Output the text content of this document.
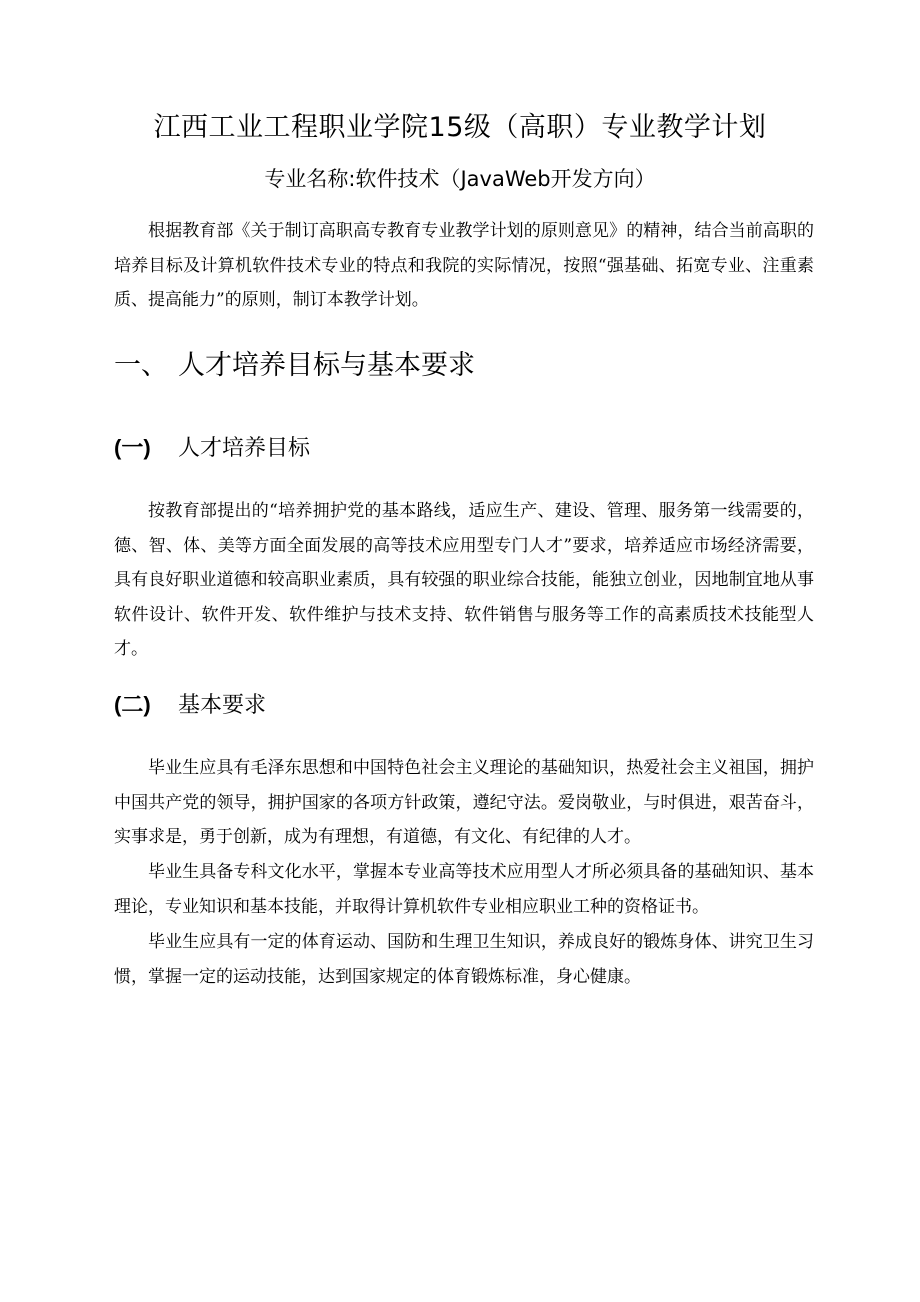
江西工业工程职业学院15级（高职）专业教学计划
专业名称:软件技术（JavaWeb开发方向）

根据教育部《关于制订高职高专教育专业教学计划的原则意见》的精神，结合当前高职的培养目标及计算机软件技术专业的特点和我院的实际情况，按照“强基础、拓宽专业、注重素质、提高能力”的原则，制订本教学计划。

一、 人才培养目标与基本要求
(一) 人才培养目标

按教育部提出的“培养拥护党的基本路线，适应生产、建设、管理、服务第一线需要的，德、智、体、美等方面全面发展的高等技术应用型专门人才”要求，培养适应市场经济需要，具有良好职业道德和较高职业素质，具有较强的职业综合技能，能独立创业，因地制宜地从事软件设计、软件开发、软件维护与技术支持、软件销售与服务等工作的高素质技术技能型人才。

(二) 基本要求

毕业生应具有毛泽东思想和中国特色社会主义理论的基础知识，热爱社会主义祖国，拥护中国共产党的领导，拥护国家的各项方针政策，遵纪守法。爱岗敬业，与时俱进，艰苦奋斗，实事求是，勇于创新，成为有理想，有道德，有文化、有纪律的人才。

毕业生具备专科文化水平，掌握本专业高等技术应用型人才所必须具备的基础知识、基本理论，专业知识和基本技能，并取得计算机软件专业相应职业工种的资格证书。

毕业生应具有一定的体育运动、国防和生理卫生知识，养成良好的锻炼身体、讲究卫生习惯，掌握一定的运动技能，达到国家规定的体育锻炼标准，身心健康。
